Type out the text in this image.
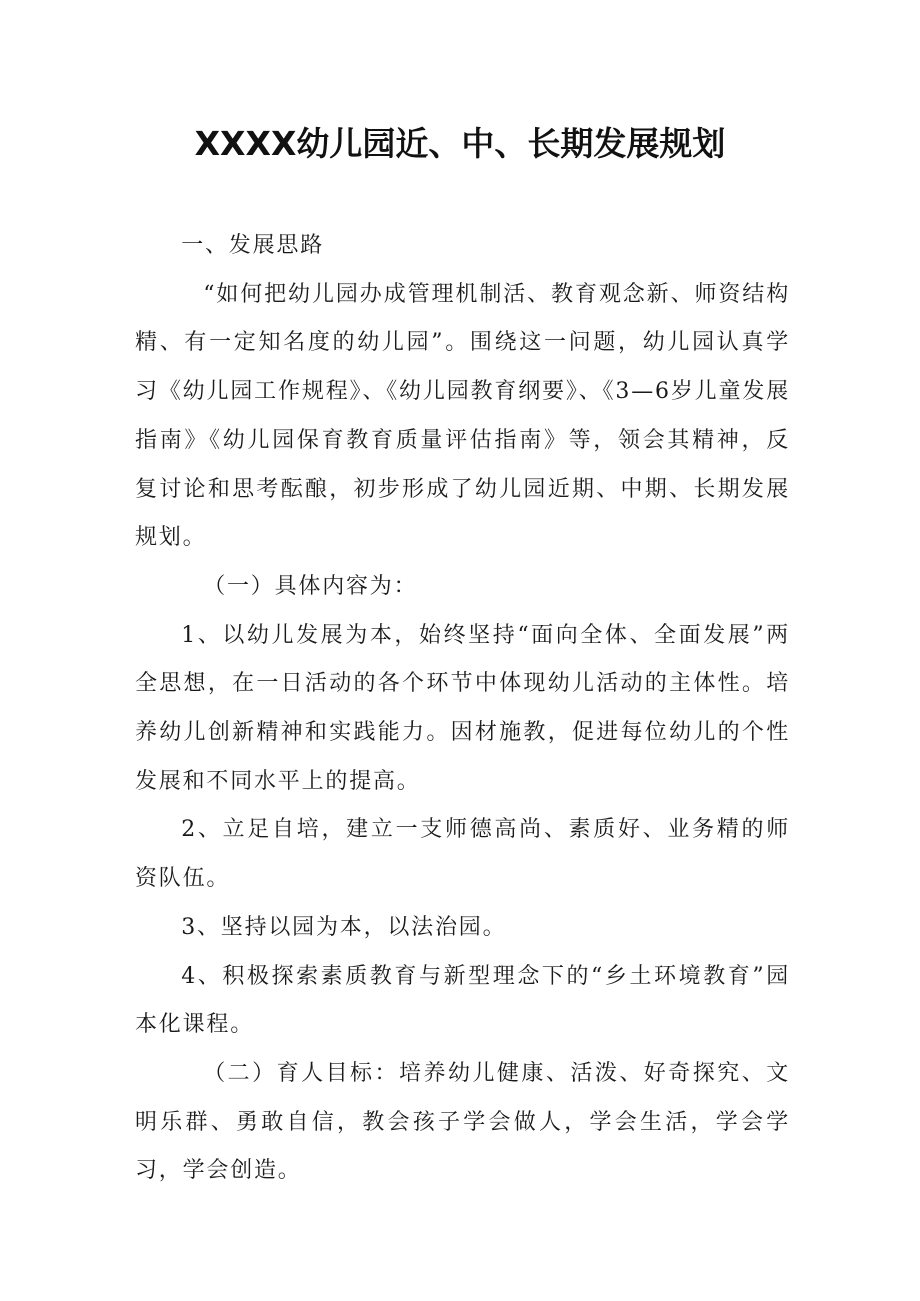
XXXX幼儿园近、中、长期发展规划

一、发展思路

“如何把幼儿园办成管理机制活、教育观念新、师资结构精、有一定知名度的幼儿园”。围绕这一问题，幼儿园认真学习《幼儿园工作规程》、《幼儿园教育纲要》、《3—6岁儿童发展指南》《幼儿园保育教育质量评估指南》等，领会其精神，反复讨论和思考酝酿，初步形成了幼儿园近期、中期、长期发展规划。

（一）具体内容为：

1、以幼儿发展为本，始终坚持“面向全体、全面发展”两全思想，在一日活动的各个环节中体现幼儿活动的主体性。培养幼儿创新精神和实践能力。因材施教，促进每位幼儿的个性发展和不同水平上的提高。

2、立足自培，建立一支师德高尚、素质好、业务精的师资队伍。

3、坚持以园为本，以法治园。

4、积极探索素质教育与新型理念下的“乡土环境教育”园本化课程。

（二）育人目标：培养幼儿健康、活泼、好奇探究、文明乐群、勇敢自信，教会孩子学会做人，学会生活，学会学习，学会创造。
